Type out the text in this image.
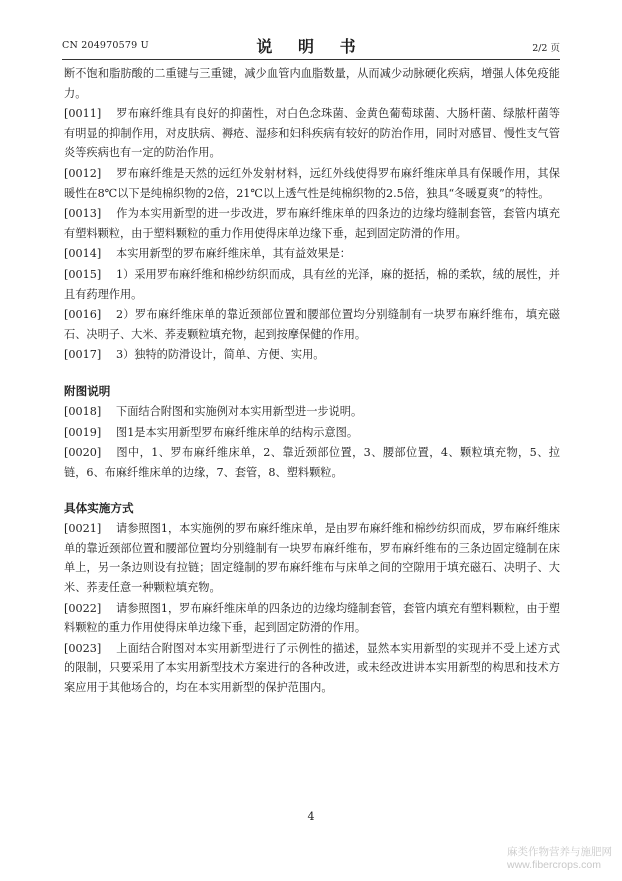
CN 204970579 U	说 明 书	2/2 页

断不饱和脂肪酸的二重键与三重键，减少血管内血脂数量，从而减少动脉硬化疾病，增强人体免疫能力。

[0011] 罗布麻纤维具有良好的抑菌性，对白色念珠菌、金黄色葡萄球菌、大肠杆菌、绿脓杆菌等有明显的抑制作用，对皮肤病、褥疮、湿疹和妇科疾病有较好的防治作用，同时对感冒、慢性支气管炎等疾病也有一定的防治作用。

[0012] 罗布麻纤维是天然的远红外发射材料，远红外线使得罗布麻纤维床单具有保暖作用，其保暖性在8℃以下是纯棉织物的2倍，21℃以上透气性是纯棉织物的2.5倍，独具“冬暖夏爽”的特性。

[0013] 作为本实用新型的进一步改进，罗布麻纤维床单的四条边的边缘均缝制套管，套管内填充有塑料颗粒，由于塑料颗粒的重力作用使得床单边缘下垂，起到固定防滑的作用。

[0014] 本实用新型的罗布麻纤维床单，其有益效果是：

[0015] 1）采用罗布麻纤维和棉纱纺织而成，具有丝的光泽，麻的挺括，棉的柔软，绒的展性，并且有药理作用。

[0016] 2）罗布麻纤维床单的靠近颈部位置和腰部位置均分别缝制有一块罗布麻纤维布，填充磁石、决明子、大米、荞麦颗粒填充物，起到按摩保健的作用。

[0017] 3）独特的防滑设计，简单、方便、实用。

附图说明

[0018] 下面结合附图和实施例对本实用新型进一步说明。

[0019] 图1是本实用新型罗布麻纤维床单的结构示意图。

[0020] 图中，1、罗布麻纤维床单，2、靠近颈部位置，3、腰部位置，4、颗粒填充物，5、拉链，6、布麻纤维床单的边缘，7、套管，8、塑料颗粒。

具体实施方式

[0021] 请参照图1，本实施例的罗布麻纤维床单，是由罗布麻纤维和棉纱纺织而成，罗布麻纤维床单的靠近颈部位置和腰部位置均分别缝制有一块罗布麻纤维布，罗布麻纤维布的三条边固定缝制在床单上，另一条边则设有拉链；固定缝制的罗布麻纤维布与床单之间的空隙用于填充磁石、决明子、大米、荞麦任意一种颗粒填充物。

[0022] 请参照图1，罗布麻纤维床单的四条边的边缘均缝制套管，套管内填充有塑料颗粒，由于塑料颗粒的重力作用使得床单边缘下垂，起到固定防滑的作用。

[0023] 上面结合附图对本实用新型进行了示例性的描述，显然本实用新型的实现并不受上述方式的限制，只要采用了本实用新型技术方案进行的各种改进，或未经改进讲本实用新型的构思和技术方案应用于其他场合的，均在本实用新型的保护范围内。

4
麻类作物营养与施肥网
www.fibercrops.com
